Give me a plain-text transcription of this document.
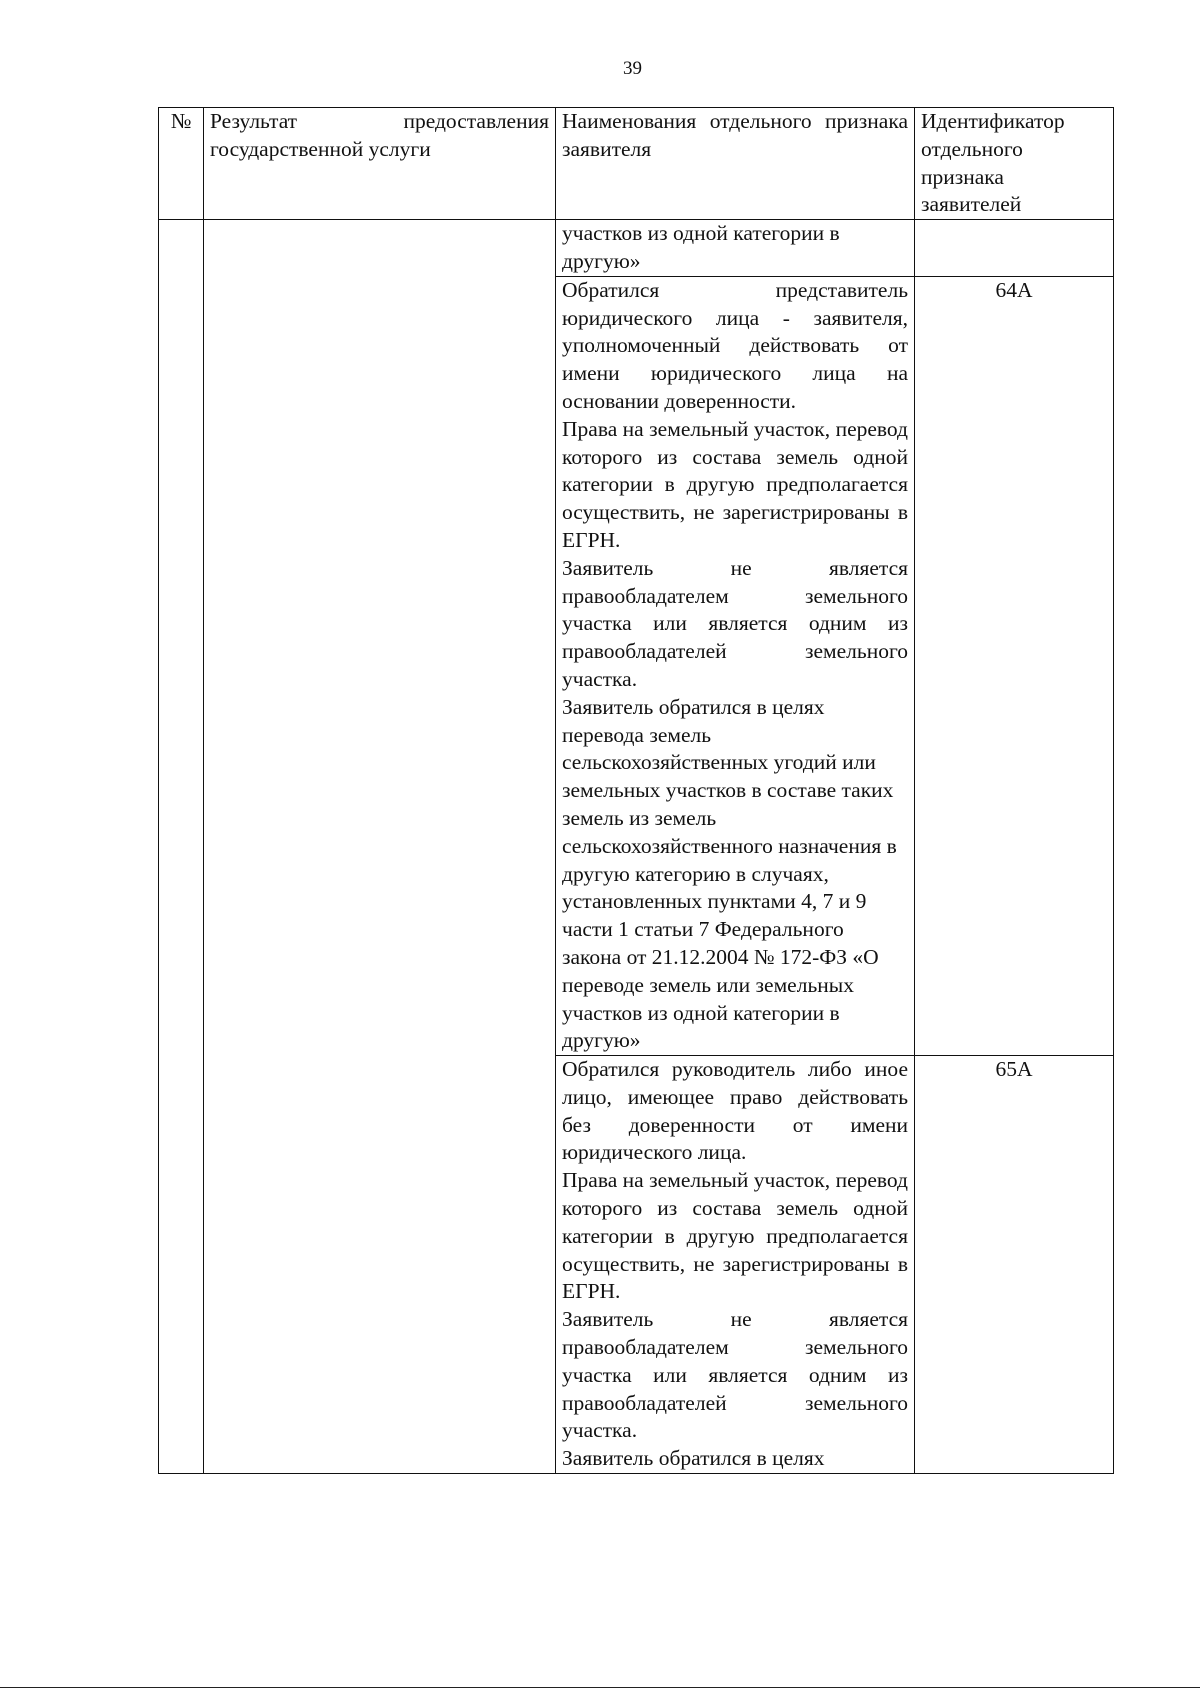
39
№	Результат предоставления государственной услуги	Наименования отдельного признака заявителя	Идентификатор отдельного признака заявителей

		участков из одной категории в другую»	

		Обратился представитель юридического лица - заявителя, уполномоченный действовать от имени юридического лица на основании доверенности.
Права на земельный участок, перевод которого из состава земель одной категории в другую предполагается осуществить, не зарегистрированы в ЕГРН.
Заявитель не является правообладателем земельного участка или является одним из правообладателей земельного участка.
Заявитель обратился в целях перевода земель сельскохозяйственных угодий или земельных участков в составе таких земель из земель сельскохозяйственного назначения в другую категорию в случаях, установленных пунктами 4, 7 и 9 части 1 статьи 7 Федерального закона от 21.12.2004 № 172-ФЗ «О переводе земель или земельных участков из одной категории в другую»	64А

		Обратился руководитель либо иное лицо, имеющее право действовать без доверенности от имени юридического лица.
Права на земельный участок, перевод которого из состава земель одной категории в другую предполагается осуществить, не зарегистрированы в ЕГРН.
Заявитель не является правообладателем земельного участка или является одним из правообладателей земельного участка.
Заявитель обратился в целях	65А
